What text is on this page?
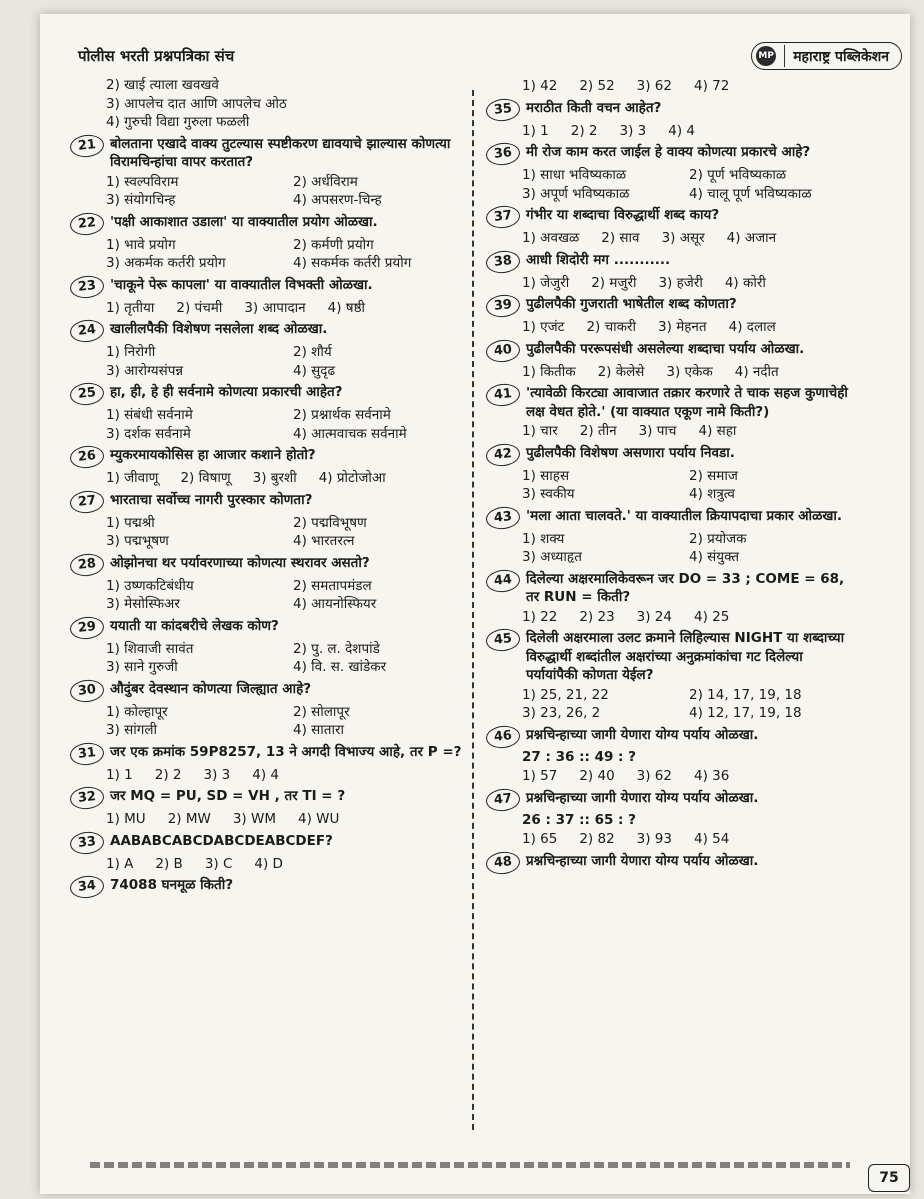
पोलीस भरती प्रश्नपत्रिका संच	MP महाराष्ट्र पब्लिकेशन
75
2) खाई त्याला खवखवे
3) आपलेच दात आणि आपलेच ओठ
4) गुरुची विद्या गुरुला फळली
21 बोलताना एखादे वाक्य तुटल्यास स्पष्टीकरण द्यावयाचे झाल्यास कोणत्या विरामचिन्हांचा वापर करतात?
1) स्वल्पविराम	2) अर्धविराम
3) संयोगचिन्ह	4) अपसरण-चिन्ह
22 'पक्षी आकाशात उडाला' या वाक्यातील प्रयोग ओळखा.
1) भावे प्रयोग	2) कर्मणी प्रयोग
3) अकर्मक कर्तरी प्रयोग	4) सकर्मक कर्तरी प्रयोग
23 'चाकूने पेरू कापला' या वाक्यातील विभक्ती ओळखा.
1) तृतीया 2) पंचमी 3) आपादान 4) षष्ठी
24 खालीलपैकी विशेषण नसलेला शब्द ओळखा.
1) निरोगी	2) शौर्य
3) आरोग्यसंपन्न	4) सुदृढ
25 हा, ही, हे ही सर्वनामे कोणत्या प्रकारची आहेत?
1) संबंधी सर्वनामे	2) प्रश्नार्थक सर्वनामे
3) दर्शक सर्वनामे	4) आत्मवाचक सर्वनामे
26 म्युकरमायकोसिस हा आजार कशाने होतो?
1) जीवाणू 2) विषाणू 3) बुरशी 4) प्रोटोजोआ
27 भारताचा सर्वोच्च नागरी पुरस्कार कोणता?
1) पद्मश्री	2) पद्मविभूषण
3) पद्मभूषण	4) भारतरत्न
28 ओझोनचा थर पर्यावरणाच्या कोणत्या स्थरावर असतो?
1) उष्णकटिबंधीय	2) समतापमंडल
3) मेसोस्फिअर	4) आयनोस्फियर
29 ययाती या कांदबरीचे लेखक कोण?
1) शिवाजी सावंत	2) पु. ल. देशपांडे
3) साने गुरुजी	4) वि. स. खांडेकर
30 औदुंबर देवस्थान कोणत्या जिल्ह्यात आहे?
1) कोल्हापूर	2) सोलापूर
3) सांगली	4) सातारा
31 जर एक क्रमांक 59P8257, 13 ने अगदी विभाज्य आहे, तर P =?
1) 1 2) 2 3) 3 4) 4
32 जर MQ = PU, SD = VH , तर TI = ?
1) MU 2) MW 3) WM 4) WU
33 AABABCABCDABCDEABCDEF?
1) A 2) B 3) C 4) D
34 74088 घनमूळ किती?
1) 42 2) 52 3) 62 4) 72
35 मराठीत किती वचन आहेत?
1) 1 2) 2 3) 3 4) 4
36 मी रोज काम करत जाईल हे वाक्य कोणत्या प्रकारचे आहे?
1) साधा भविष्यकाळ	2) पूर्ण भविष्यकाळ
3) अपूर्ण भविष्यकाळ	4) चालू पूर्ण भविष्यकाळ
37 गंभीर या शब्दाचा विरुद्धार्थी शब्द काय?
1) अवखळ 2) साव 3) असूर 4) अजान
38 आधी शिदोरी मग ...........
1) जेजुरी 2) मजुरी 3) हजेरी 4) कोरी
39 पुढीलपैकी गुजराती भाषेतील शब्द कोणता?
1) एजंट 2) चाकरी 3) मेहनत 4) दलाल
40 पुढीलपैकी पररूपसंधी असलेल्या शब्दाचा पर्याय ओळखा.
1) कितीक 2) केलेसे 3) एकेक 4) नदीत
41 'त्यावेळी किरट्या आवाजात तक्रार करणारे ते चाक सहज कुणाचेही लक्ष वेधत होते.' (या वाक्यात एकूण नामे किती?)
1) चार 2) तीन 3) पाच 4) सहा
42 पुढीलपैकी विशेषण असणारा पर्याय निवडा.
1) साहस	2) समाज
3) स्वकीय	4) शत्रुत्व
43 'मला आता चालवते.' या वाक्यातील क्रियापदाचा प्रकार ओळखा.
1) शक्य	2) प्रयोजक
3) अध्याहृत	4) संयुक्त
44 दिलेल्या अक्षरमालिकेवरून जर DO = 33 ; COME = 68, तर RUN = किती?
1) 22 2) 23 3) 24 4) 25
45 दिलेली अक्षरमाला उलट क्रमाने लिहिल्यास NIGHT या शब्दाच्या विरुद्धार्थी शब्दांतील अक्षरांच्या अनुक्रमांकांचा गट दिलेल्या पर्यायांपैकी कोणता येईल?
1) 25, 21, 22	2) 14, 17, 19, 18
3) 23, 26, 2	4) 12, 17, 19, 18
46 प्रश्नचिन्हाच्या जागी येणारा योग्य पर्याय ओळखा.
27 : 36 :: 49 : ?
1) 57 2) 40 3) 62 4) 36
47 प्रश्नचिन्हाच्या जागी येणारा योग्य पर्याय ओळखा.
26 : 37 :: 65 : ?
1) 65 2) 82 3) 93 4) 54
48 प्रश्नचिन्हाच्या जागी येणारा योग्य पर्याय ओळखा.
